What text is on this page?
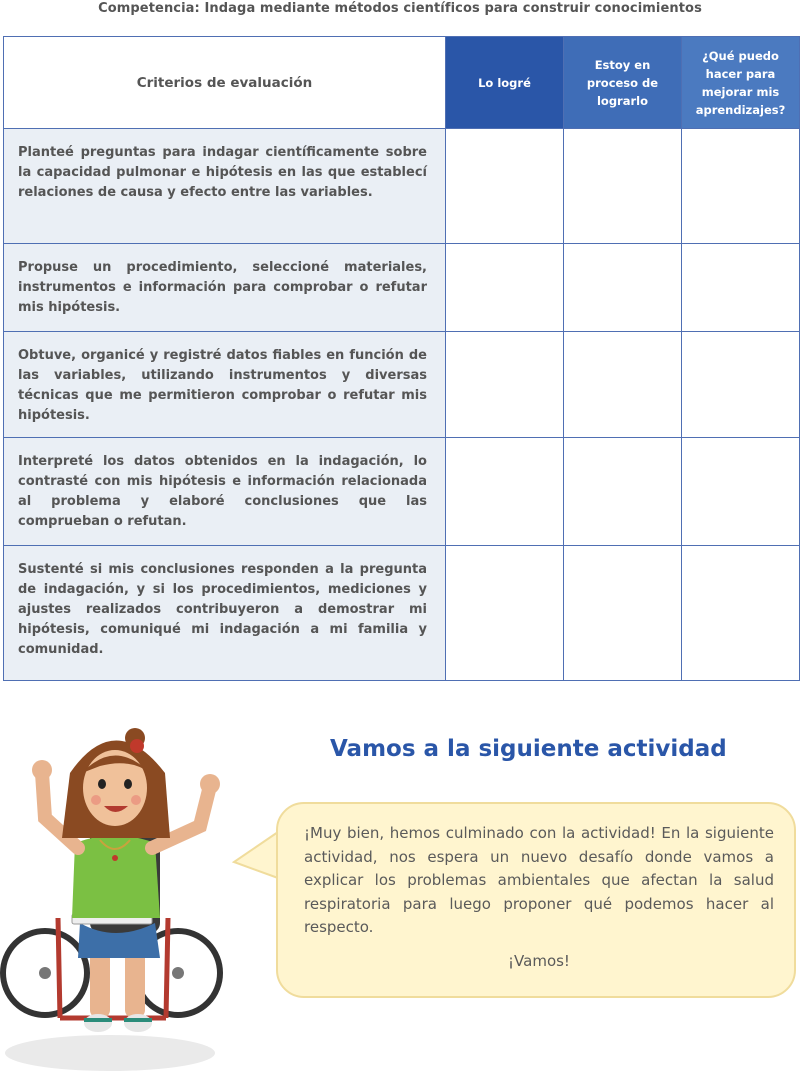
Competencia: Indaga mediante métodos científicos para construir conocimientos
Criterios de evaluación	Lo logré	Estoy en proceso de lograrlo	¿Qué puedo hacer para mejorar mis aprendizajes?

Planteé preguntas para indagar científicamente sobre la capacidad pulmonar e hipótesis en las que establecí relaciones de causa y efecto entre las variables.			

Propuse un procedimiento, seleccioné materiales, instrumentos e información para comprobar o refutar mis hipótesis.			

Obtuve, organicé y registré datos fiables en función de las variables, utilizando instrumentos y diversas técnicas que me permitieron comprobar o refutar mis hipótesis.			

Interpreté los datos obtenidos en la indagación, lo contrasté con mis hipótesis e información relacionada al problema y elaboré conclusiones que las comprueban o refutan.			

Sustenté si mis conclusiones responden a la pregunta de indagación, y si los procedimientos, mediciones y ajustes realizados contribuyeron a demostrar mi hipótesis, comuniqué mi indagación a mi familia y comunidad.			

Vamos a la siguiente actividad

¡Muy bien, hemos culminado con la actividad! En la siguiente actividad, nos espera un nuevo desafío donde vamos a explicar los problemas ambientales que afectan la salud respiratoria para luego proponer qué podemos hacer al respecto.

¡Vamos!
